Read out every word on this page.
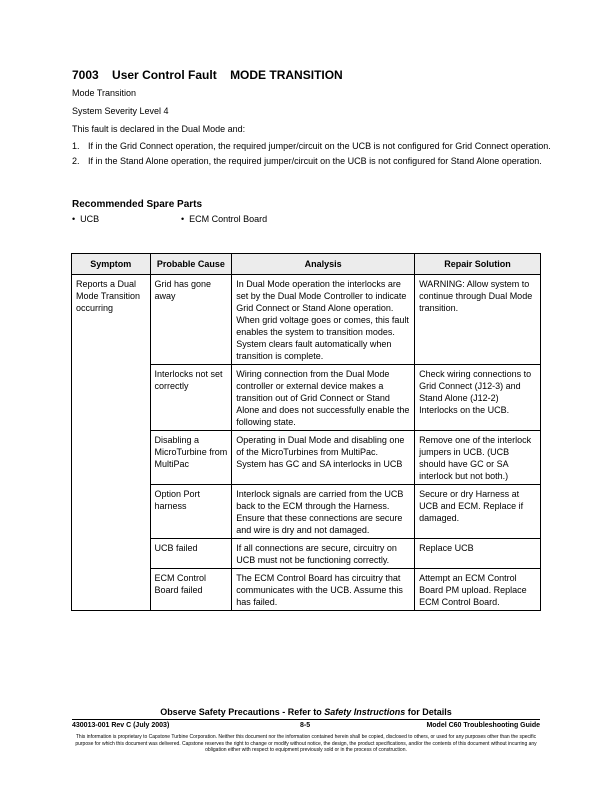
7003 User Control Fault MODE TRANSITION
Mode Transition
System Severity Level 4
This fault is declared in the Dual Mode and:
1. If in the Grid Connect operation, the required jumper/circuit on the UCB is not configured for Grid Connect operation.
2. If in the Stand Alone operation, the required jumper/circuit on the UCB is not configured for Stand Alone operation.
Recommended Spare Parts
•  UCB	•  ECM Control Board
Symptom	Probable Cause	Analysis	Repair Solution
Reports a Dual Mode Transition occurring	Grid has gone away	In Dual Mode operation the interlocks are set by the Dual Mode Controller to indicate Grid Connect or Stand Alone operation. When grid voltage goes or comes, this fault enables the system to transition modes. System clears fault automatically when transition is complete.	WARNING: Allow system to continue through Dual Mode transition.
	Interlocks not set correctly	Wiring connection from the Dual Mode controller or external device makes a transition out of Grid Connect or Stand Alone and does not successfully enable the following state.	Check wiring connections to Grid Connect (J12-3) and Stand Alone (J12-2) Interlocks on the UCB.
	Disabling a MicroTurbine from MultiPac	Operating in Dual Mode and disabling one of the MicroTurbines from MultiPac. System has GC and SA interlocks in UCB	Remove one of the interlock jumpers in UCB. (UCB should have GC or SA interlock but not both.)
	Option Port harness	Interlock signals are carried from the UCB back to the ECM through the Harness. Ensure that these connections are secure and wire is dry and not damaged.	Secure or dry Harness at UCB and ECM. Replace if damaged.
	UCB failed	If all connections are secure, circuitry on UCB must not be functioning correctly.	Replace UCB
	ECM Control Board failed	The ECM Control Board has circuitry that communicates with the UCB. Assume this has failed.	Attempt an ECM Control Board PM upload. Replace ECM Control Board.
Observe Safety Precautions - Refer to Safety Instructions for Details
430013-001 Rev C (July 2003)	8-5	Model C60 Troubleshooting Guide
This information is proprietary to Capstone Turbine Corporation. Neither this document nor the information contained herein shall be copied, disclosed to others, or used for any purposes other than the specific purpose for which this document was delivered. Capstone reserves the right to change or modify without notice, the design, the product specifications, and/or the contents of this document without incurring any obligation either with respect to equipment previously sold or in the process of construction.
